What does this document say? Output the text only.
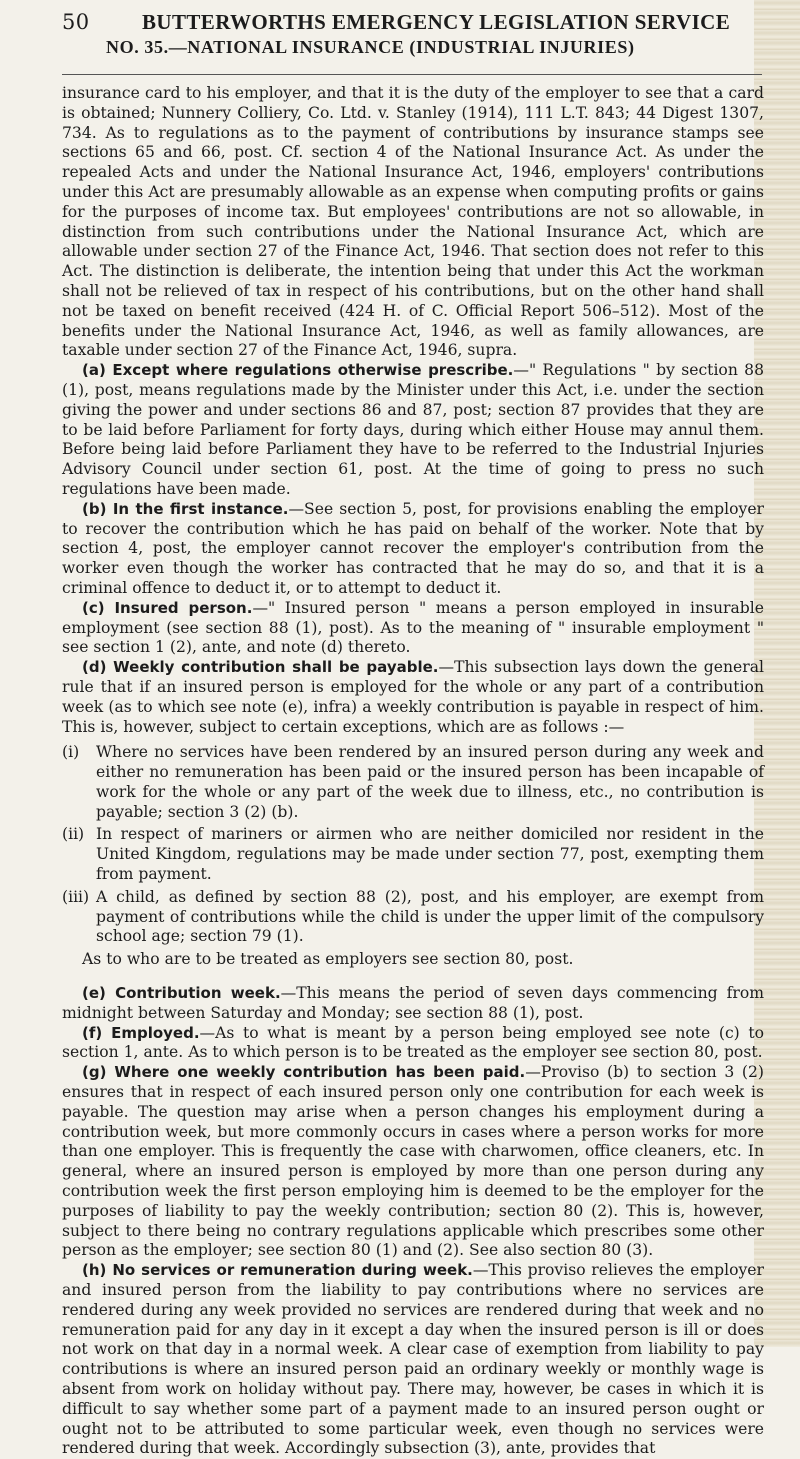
50 BUTTERWORTHS EMERGENCY LEGISLATION SERVICE
NO. 35.—NATIONAL INSURANCE (INDUSTRIAL INJURIES)

insurance card to his employer, and that it is the duty of the employer to see that a card is obtained; Nunnery Colliery, Co. Ltd. v. Stanley (1914), 111 L.T. 843; 44 Digest 1307, 734. As to regulations as to the payment of contributions by insurance stamps see sections 65 and 66, post. Cf. section 4 of the National Insurance Act. As under the repealed Acts and under the National Insurance Act, 1946, employers' contributions under this Act are presumably allowable as an expense when computing profits or gains for the purposes of income tax. But employees' contributions are not so allowable, in distinction from such contributions under the National Insurance Act, which are allowable under section 27 of the Finance Act, 1946. That section does not refer to this Act. The distinction is deliberate, the intention being that under this Act the workman shall not be relieved of tax in respect of his contributions, but on the other hand shall not be taxed on benefit received (424 H. of C. Official Report 506–512). Most of the benefits under the National Insurance Act, 1946, as well as family allowances, are taxable under section 27 of the Finance Act, 1946, supra.

(a) Except where regulations otherwise prescribe.—" Regulations " by section 88 (1), post, means regulations made by the Minister under this Act, i.e. under the section giving the power and under sections 86 and 87, post; section 87 provides that they are to be laid before Parliament for forty days, during which either House may annul them. Before being laid before Parliament they have to be referred to the Industrial Injuries Advisory Council under section 61, post. At the time of going to press no such regulations have been made.

(b) In the first instance.—See section 5, post, for provisions enabling the employer to recover the contribution which he has paid on behalf of the worker. Note that by section 4, post, the employer cannot recover the employer's contribution from the worker even though the worker has contracted that he may do so, and that it is a criminal offence to deduct it, or to attempt to deduct it.

(c) Insured person.—" Insured person " means a person employed in insurable employment (see section 88 (1), post). As to the meaning of " insurable employment " see section 1 (2), ante, and note (d) thereto.

(d) Weekly contribution shall be payable.—This subsection lays down the general rule that if an insured person is employed for the whole or any part of a contribution week (as to which see note (e), infra) a weekly contribution is payable in respect of him. This is, however, subject to certain exceptions, which are as follows :—

(i)	Where no services have been rendered by an insured person during any week and either no remuneration has been paid or the insured person has been incapable of work for the whole or any part of the week due to illness, etc., no contribution is payable; section 3 (2) (b).
(ii) In respect of mariners or airmen who are neither domiciled nor resident in the United Kingdom, regulations may be made under section 77, post, exempting them from payment.
(iii) A child, as defined by section 88 (2), post, and his employer, are exempt from payment of contributions while the child is under the upper limit of the compulsory school age; section 79 (1).

As to who are to be treated as employers see section 80, post.

(e) Contribution week.—This means the period of seven days commencing from midnight between Saturday and Monday; see section 88 (1), post.

(f) Employed.—As to what is meant by a person being employed see note (c) to section 1, ante. As to which person is to be treated as the employer see section 80, post.

(g) Where one weekly contribution has been paid.—Proviso (b) to section 3 (2) ensures that in respect of each insured person only one contribution for each week is payable. The question may arise when a person changes his employment during a contribution week, but more commonly occurs in cases where a person works for more than one employer. This is frequently the case with charwomen, office cleaners, etc. In general, where an insured person is employed by more than one person during any contribution week the first person employing him is deemed to be the employer for the purposes of liability to pay the weekly contribution; section 80 (2). This is, however, subject to there being no contrary regulations applicable which prescribes some other person as the employer; see section 80 (1) and (2). See also section 80 (3).

(h) No services or remuneration during week.—This proviso relieves the employer and insured person from the liability to pay contributions where no services are rendered during any week provided no services are rendered during that week and no remuneration paid for any day in it except a day when the insured person is ill or does not work on that day in a normal week. A clear case of exemption from liability to pay contributions is where an insured person paid an ordinary weekly or monthly wage is absent from work on holiday without pay. There may, however, be cases in which it is difficult to say whether some part of a payment made to an insured person ought or ought not to be attributed to some particular week, even though no services were rendered during that week. Accordingly subsection (3), ante, provides that
